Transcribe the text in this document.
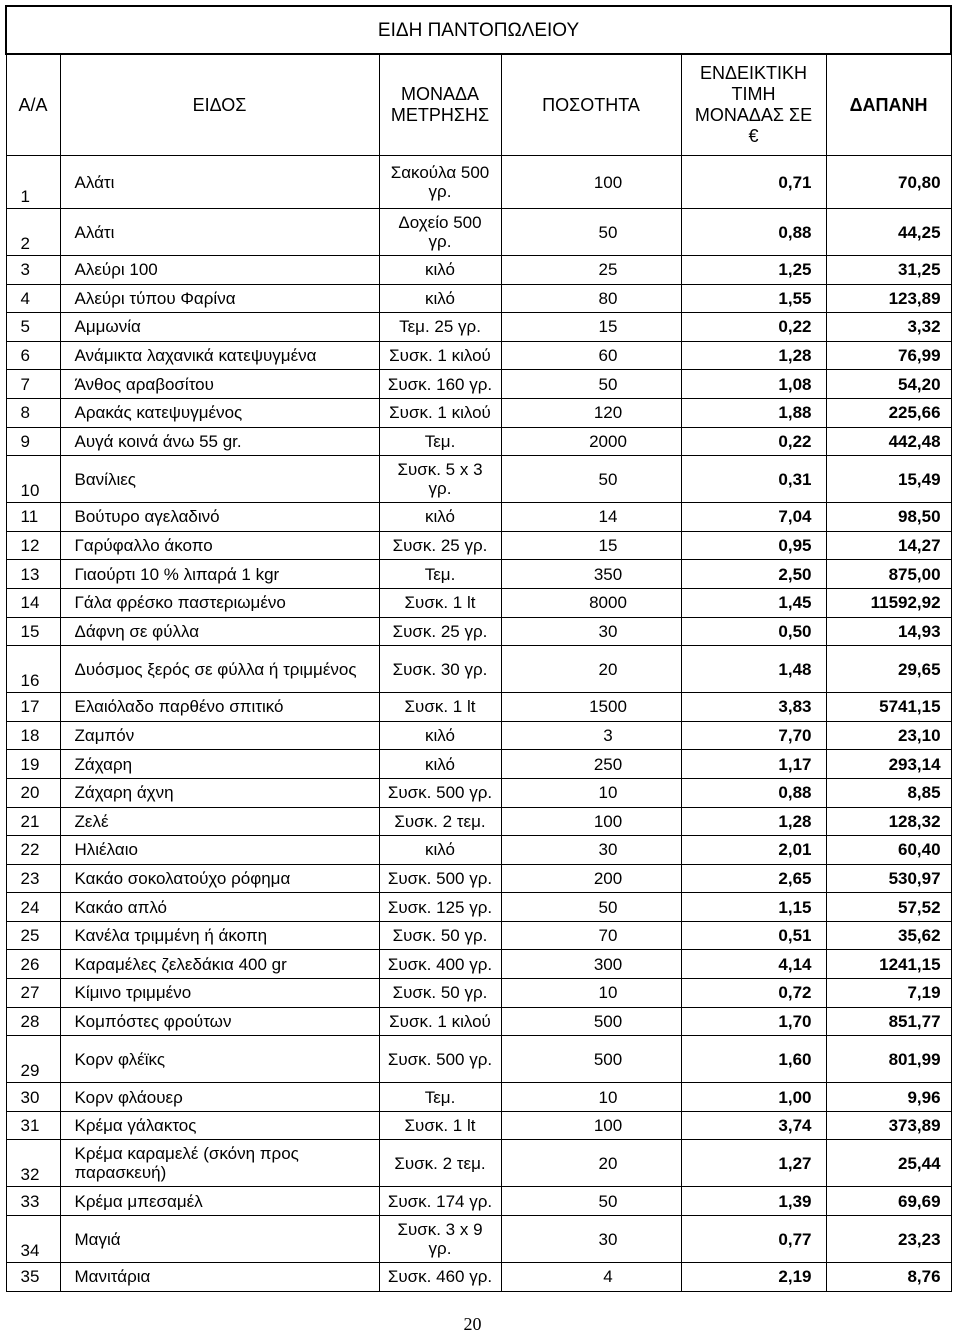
ΕΙΔΗ ΠΑΝΤΟΠΩΛΕΙΟΥ					
Α/Α	ΕΙΔΟΣ	ΜΟΝΑΔΑ ΜΕΤΡΗΣΗΣ	ΠΟΣΟΤΗΤΑ	ΕΝΔΕΙΚΤΙΚΗ ΤΙΜΗ ΜΟΝΑΔΑΣ ΣΕ €	ΔΑΠΑΝΗ
1	Αλάτι	Σακούλα 500 γρ.	100	0,71	70,80
2	Αλάτι	Δοχείο 500 γρ.	50	0,88	44,25
3	Αλεύρι 100	κιλό	25	1,25	31,25
4	Αλεύρι τύπου Φαρίνα	κιλό	80	1,55	123,89
5	Αμμωνία	Τεμ. 25 γρ.	15	0,22	3,32
6	Ανάμικτα λαχανικά κατεψυγμένα	Συσκ. 1 κιλού	60	1,28	76,99
7	Άνθος αραβοσίτου	Συσκ. 160 γρ.	50	1,08	54,20
8	Αρακάς κατεψυγμένος	Συσκ. 1 κιλού	120	1,88	225,66
9	Αυγά κοινά άνω 55 gr.	Τεμ.	2000	0,22	442,48
10	Βανίλιες	Συσκ. 5 x 3 γρ.	50	0,31	15,49
11	Βούτυρο αγελαδινό	κιλό	14	7,04	98,50
12	Γαρύφαλλο άκοπο	Συσκ. 25 γρ.	15	0,95	14,27
13	Γιαούρτι 10 % λιπαρά 1 kgr	Τεμ.	350	2,50	875,00
14	Γάλα φρέσκο παστεριωμένο	Συσκ. 1 lt	8000	1,45	11592,92
15	Δάφνη σε φύλλα	Συσκ. 25 γρ.	30	0,50	14,93
16	Δυόσμος ξερός σε φύλλα ή τριμμένος	Συσκ. 30 γρ.	20	1,48	29,65
17	Ελαιόλαδο παρθένο σπιτικό	Συσκ. 1 lt	1500	3,83	5741,15
18	Ζαμπόν	κιλό	3	7,70	23,10
19	Ζάχαρη	κιλό	250	1,17	293,14
20	Ζάχαρη άχνη	Συσκ. 500 γρ.	10	0,88	8,85
21	Ζελέ	Συσκ. 2 τεμ.	100	1,28	128,32
22	Ηλιέλαιο	κιλό	30	2,01	60,40
23	Κακάο σοκολατούχο ρόφημα	Συσκ. 500 γρ.	200	2,65	530,97
24	Κακάο απλό	Συσκ. 125 γρ.	50	1,15	57,52
25	Κανέλα τριμμένη ή άκοπη	Συσκ. 50 γρ.	70	0,51	35,62
26	Καραμέλες ζελεδάκια 400 gr	Συσκ. 400 γρ.	300	4,14	1241,15
27	Κίμινο τριμμένο	Συσκ. 50 γρ.	10	0,72	7,19
28	Κομπόστες φρούτων	Συσκ. 1 κιλού	500	1,70	851,77
29	Κορν φλέϊκς	Συσκ. 500 γρ.	500	1,60	801,99
30	Κορν φλάουερ	Τεμ.	10	1,00	9,96
31	Κρέμα γάλακτος	Συσκ. 1 lt	100	3,74	373,89
32	Κρέμα καραμελέ (σκόνη προς παρασκευή)	Συσκ. 2 τεμ.	20	1,27	25,44
33	Κρέμα μπεσαμέλ	Συσκ. 174 γρ.	50	1,39	69,69
34	Μαγιά	Συσκ. 3 x 9 γρ.	30	0,77	23,23
35	Μανιτάρια	Συσκ. 460 γρ.	4	2,19	8,76
20
